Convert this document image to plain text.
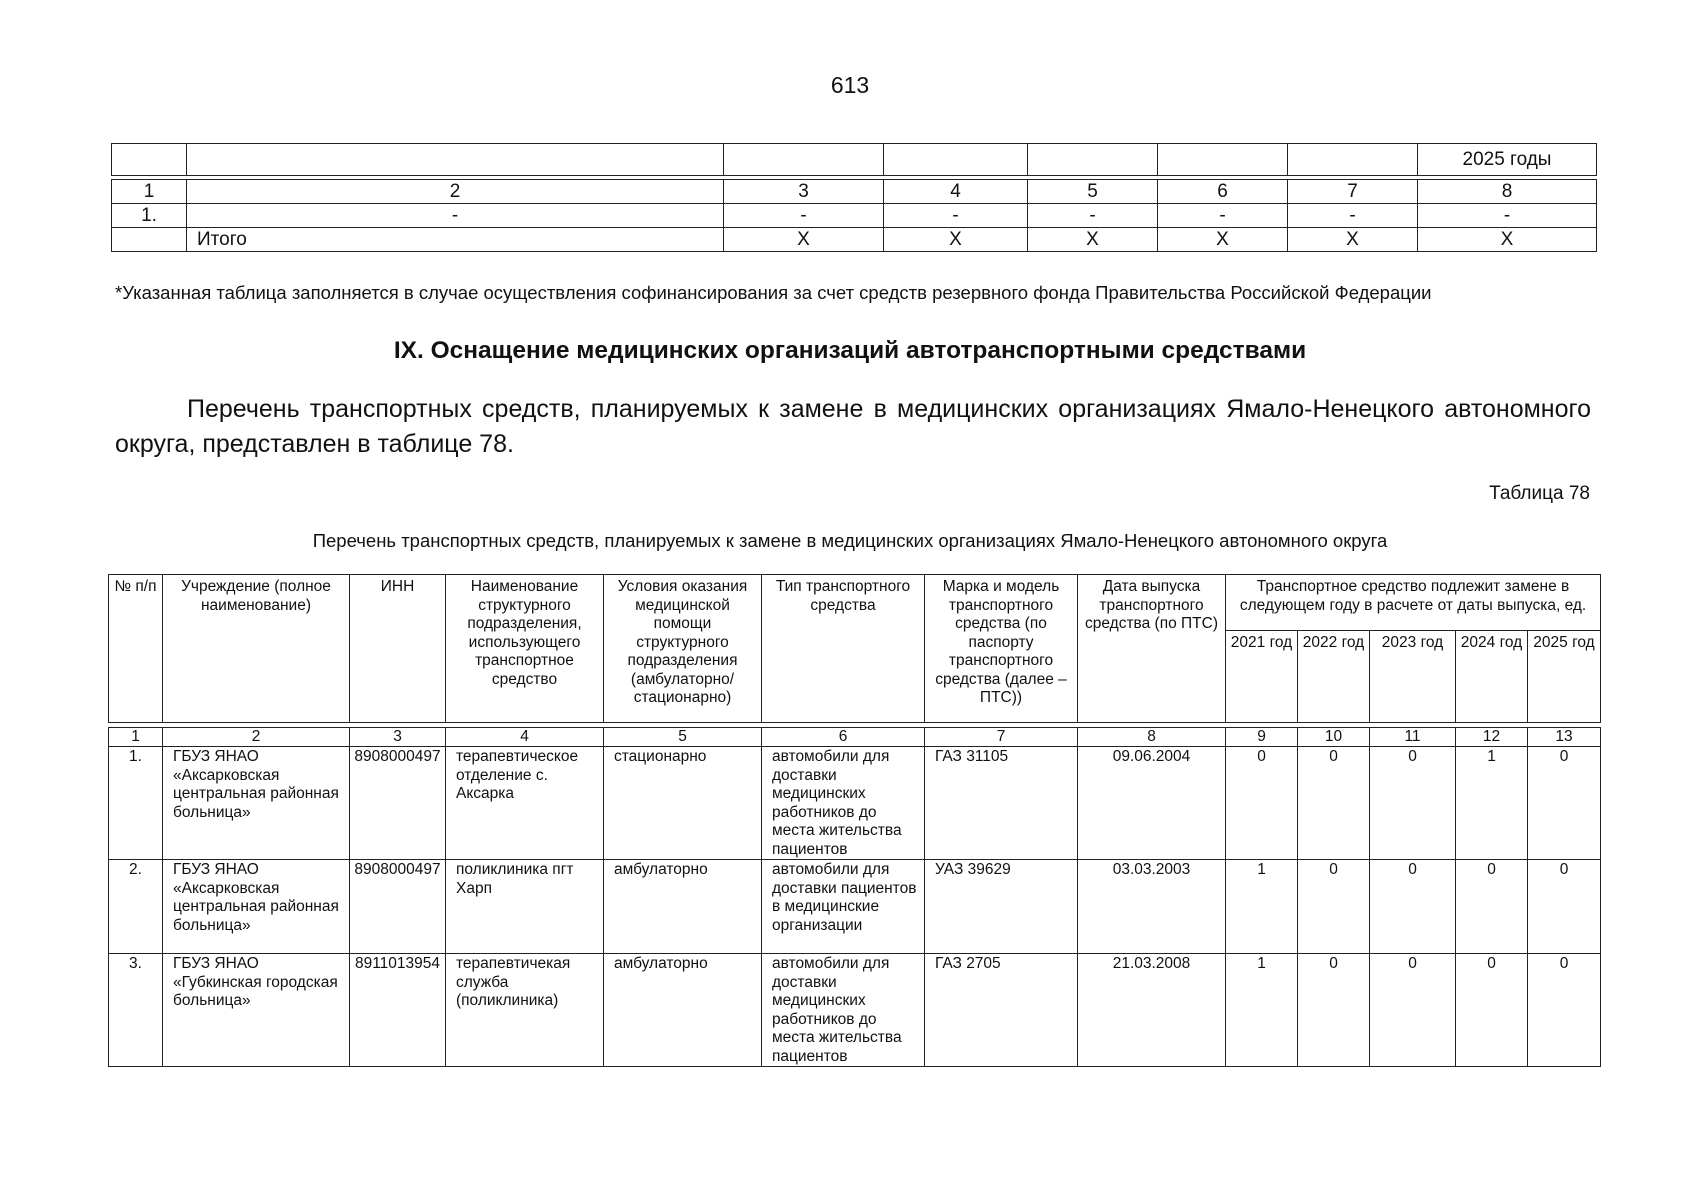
613
							2025 годы
1	2	3	4	5	6	7	8
1.	-	-	-	-	-	-	-
	Итого	X	X	X	X	X	X
*Указанная таблица заполняется в случае осуществления софинансирования за счет средств резервного фонда Правительства Российской Федерации
IX. Оснащение медицинских организаций автотранспортными средствами
Перечень транспортных средств, планируемых к замене в медицинских организациях Ямало-Ненецкого автономного округа, представлен в таблице 78.
Таблица 78
Перечень транспортных средств, планируемых к замене в медицинских организациях Ямало-Ненецкого автономного округа
№ п/п	Учреждение (полное наименование)	ИНН	Наименование структурного подразделения, использующего транспортное средство	Условия оказания медицинской помощи структурного подразделения (амбулаторно/ стационарно)	Тип транспортного средства	Марка и модель транспортного средства (по паспорту транспортного средства (далее – ПТС))	Дата выпуска транспортного средства (по ПТС)	Транспортное средство подлежит замене в следующем году в расчете от даты выпуска, ед.				
								2021 год	2022 год	2023 год	2024 год	2025 год
1	2	3	4	5	6	7	8	9	10	11	12	13
1.	ГБУЗ ЯНАО «Аксарковская центральная районная больница»	8908000497	терапевтическое отделение с. Аксарка	стационарно	автомобили для доставки медицинских работников до места жительства пациентов	ГАЗ 31105	09.06.2004	0	0	0	1	0
2.	ГБУЗ ЯНАО «Аксарковская центральная районная больница»	8908000497	поликлиника пгт Харп	амбулаторно	автомобили для доставки пациентов в медицинские организации	УАЗ 39629	03.03.2003	1	0	0	0	0
3.	ГБУЗ ЯНАО «Губкинская городская больница»	8911013954	терапевтичекая служба (поликлиника)	амбулаторно	автомобили для доставки медицинских работников до места жительства пациентов	ГАЗ 2705	21.03.2008	1	0	0	0	0
